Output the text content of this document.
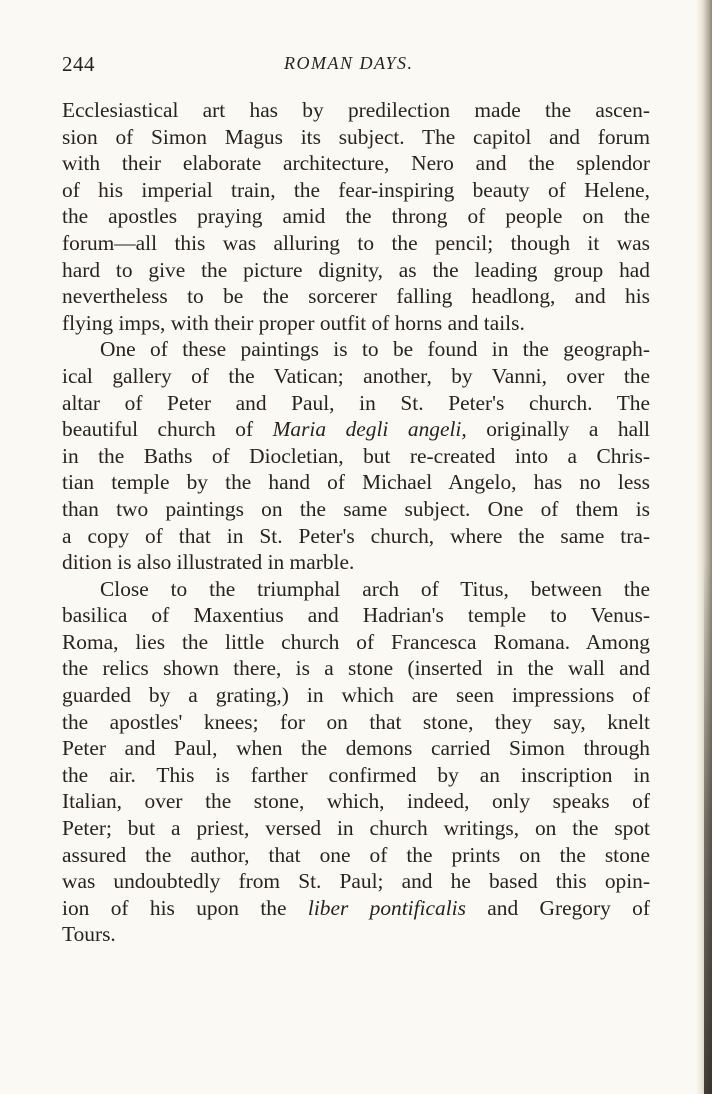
244	ROMAN DAYS.
Ecclesiastical art has by predilection made the ascen-
sion of Simon Magus its subject. The capitol and forum
with their elaborate architecture, Nero and the splendor
of his imperial train, the fear-inspiring beauty of Helene,
the apostles praying amid the throng of people on the
forum—all this was alluring to the pencil; though it was
hard to give the picture dignity, as the leading group had
nevertheless to be the sorcerer falling headlong, and his
flying imps, with their proper outfit of horns and tails.
One of these paintings is to be found in the geograph-
ical gallery of the Vatican; another, by Vanni, over the
altar of Peter and Paul, in St. Peter's church. The
beautiful church of Maria degli angeli, originally a hall
in the Baths of Diocletian, but re-created into a Chris-
tian temple by the hand of Michael Angelo, has no less
than two paintings on the same subject. One of them is
a copy of that in St. Peter's church, where the same tra-
dition is also illustrated in marble.
Close to the triumphal arch of Titus, between the
basilica of Maxentius and Hadrian's temple to Venus-
Roma, lies the little church of Francesca Romana. Among
the relics shown there, is a stone (inserted in the wall and
guarded by a grating,) in which are seen impressions of
the apostles' knees; for on that stone, they say, knelt
Peter and Paul, when the demons carried Simon through
the air. This is farther confirmed by an inscription in
Italian, over the stone, which, indeed, only speaks of
Peter; but a priest, versed in church writings, on the spot
assured the author, that one of the prints on the stone
was undoubtedly from St. Paul; and he based this opin-
ion of his upon the liber pontificalis and Gregory of
Tours.
